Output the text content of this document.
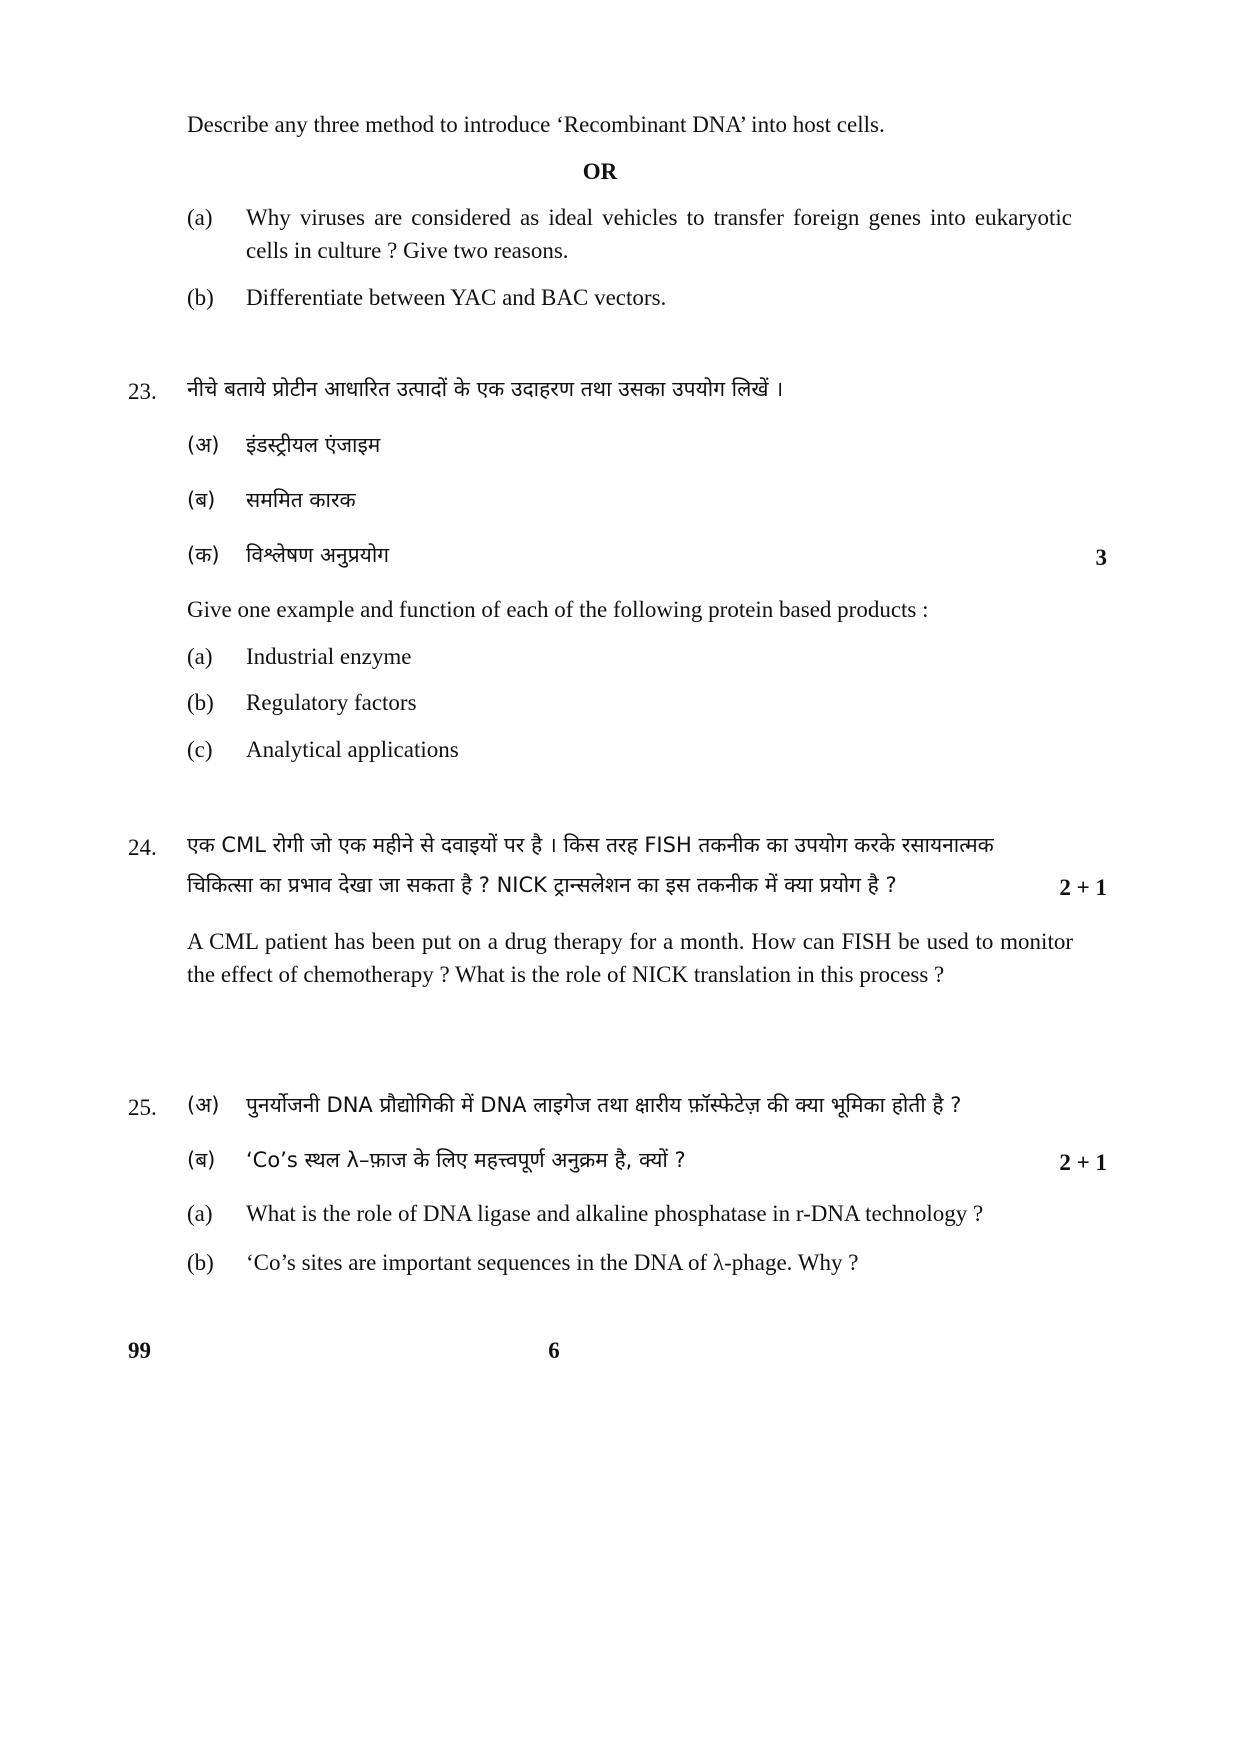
Describe any three method to introduce ‘Recombinant DNA’ into host cells.

OR
(a) Why viruses are considered as ideal vehicles to transfer foreign genes into eukaryotic cells in culture ? Give two reasons.

(b) Differentiate between YAC and BAC vectors.

23. नीचे बताये प्रोटीन आधारित उत्पादों के एक उदाहरण तथा उसका उपयोग लिखें ।

(अ) इंडस्ट्रीयल एंजाइम
(ब) सममित कारक
(क) विश्लेषण अनुप्रयोग	3

Give one example and function of each of the following protein based products :

(a) Industrial enzyme
(b) Regulatory factors
(c) Analytical applications
24. एक CML रोगी जो एक महीने से दवाइयों पर है । किस तरह FISH तकनीक का उपयोग करके रसायनात्मक

चिकित्सा का प्रभाव देखा जा सकता है ? NICK ट्रान्सलेशन का इस तकनीक में क्या प्रयोग है ?	2 + 1

A CML patient has been put on a drug therapy for a month. How can FISH be used to monitor the effect of chemotherapy ? What is the role of NICK translation in this process ?

25. (अ) पुनर्योजनी DNA प्रौद्योगिकी में DNA लाइगेज तथा क्षारीय फ़ॉस्फेटेज़ की क्या भूमिका होती है ?
(ब) ‘Co’s स्थल λ–फ़ाज के लिए महत्त्वपूर्ण अनुक्रम है, क्यों ?	2 + 1
(a) What is the role of DNA ligase and alkaline phosphatase in r-DNA technology ?
(b) ‘Co’s sites are important sequences in the DNA of λ-phage. Why ?
99	6
